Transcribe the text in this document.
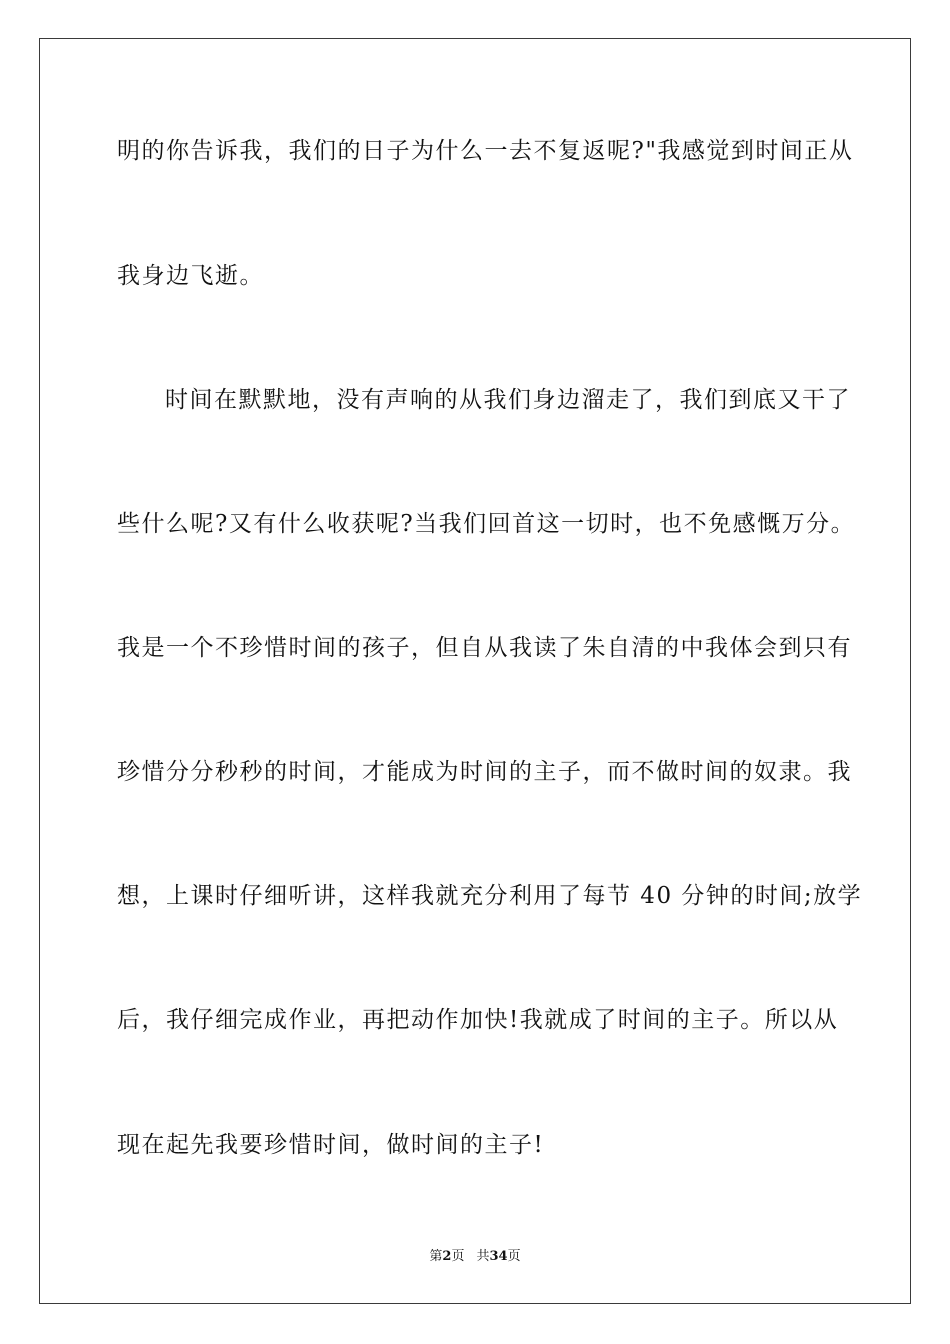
明的你告诉我，我们的日子为什么一去不复返呢?"我感觉到时间正从
我身边飞逝。
时间在默默地，没有声响的从我们身边溜走了，我们到底又干了
些什么呢?又有什么收获呢?当我们回首这一切时，也不免感慨万分。
我是一个不珍惜时间的孩子，但自从我读了朱自清的中我体会到只有
珍惜分分秒秒的时间，才能成为时间的主子，而不做时间的奴隶。我
想，上课时仔细听讲，这样我就充分利用了每节 40 分钟的时间;放学
后，我仔细完成作业，再把动作加快!我就成了时间的主子。所以从
现在起先我要珍惜时间，做时间的主子!
第2页 共34页
